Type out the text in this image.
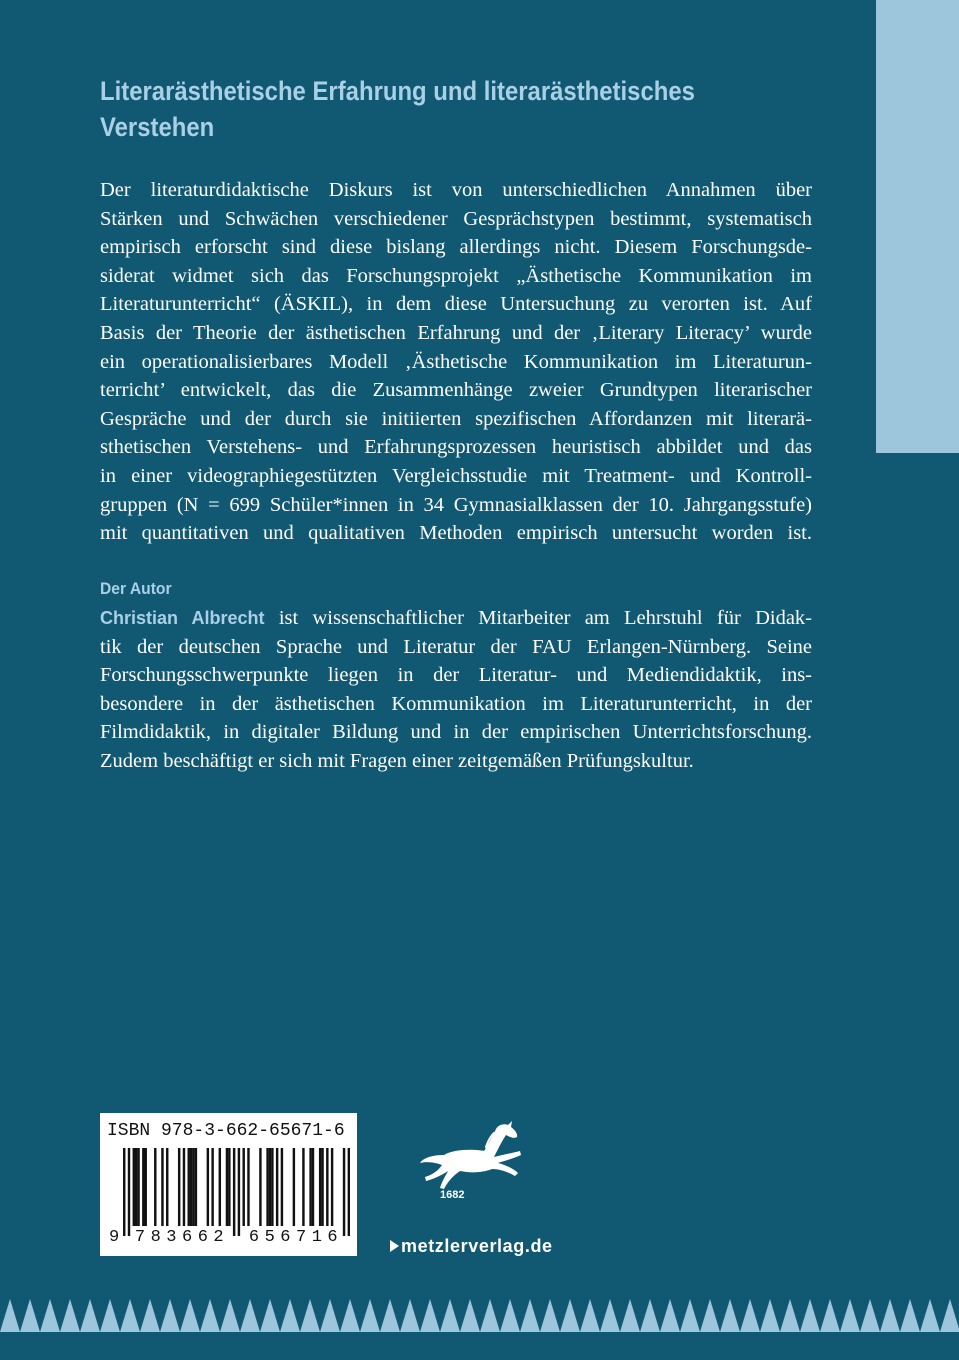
Literarästhetische Erfahrung und literarästhetisches
Verstehen
Der literaturdidaktische Diskurs ist von unterschiedlichen Annahmen über
Stärken und Schwächen verschiedener Gesprächstypen bestimmt, systematisch
empirisch erforscht sind diese bislang allerdings nicht. Diesem Forschungsde-
siderat widmet sich das Forschungsprojekt „Ästhetische Kommunikation im
Literaturunterricht“ (ÄSKIL), in dem diese Untersuchung zu verorten ist. Auf
Basis der Theorie der ästhetischen Erfahrung und der ‚Literary Literacy’ wurde
ein operationalisierbares Modell ‚Ästhetische Kommunikation im Literaturun-
terricht’ entwickelt, das die Zusammenhänge zweier Grundtypen literarischer
Gespräche und der durch sie initiierten spezifischen Affordanzen mit literarä-
sthetischen Verstehens- und Erfahrungsprozessen heuristisch abbildet und das
in einer videographiegestützten Vergleichsstudie mit Treatment- und Kontroll-
gruppen (N = 699 Schüler*innen in 34 Gymnasialklassen der 10. Jahrgangsstufe)
mit quantitativen und qualitativen Methoden empirisch untersucht worden ist.
Der Autor
Christian Albrecht ist wissenschaftlicher Mitarbeiter am Lehrstuhl für Didak-
tik der deutschen Sprache und Literatur der FAU Erlangen-Nürnberg. Seine
Forschungsschwerpunkte liegen in der Literatur- und Mediendidaktik, ins-
besondere in der ästhetischen Kommunikation im Literaturunterricht, in der
Filmdidaktik, in digitaler Bildung und in der empirischen Unterrichtsforschung.
Zudem beschäftigt er sich mit Fragen einer zeitgemäßen Prüfungskultur.
ISBN 978-3-662-65671-6
9 783662 656716
1682
metzlerverlag.de
